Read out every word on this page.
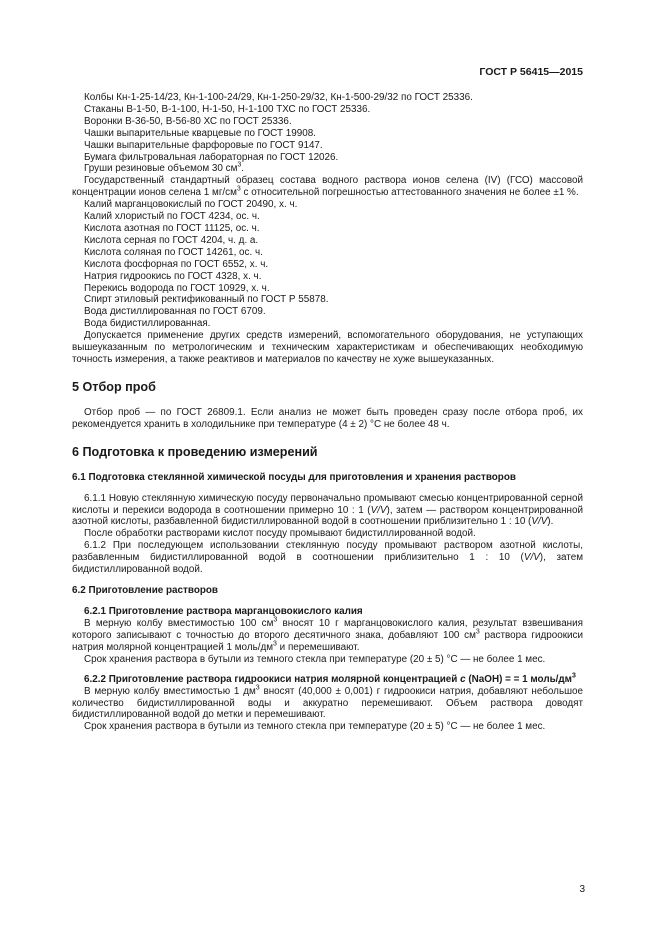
ГОСТ Р 56415—2015

Колбы Кн-1-25-14/23, Кн-1-100-24/29, Кн-1-250-29/32, Кн-1-500-29/32 по ГОСТ 25336.

Стаканы В-1-50, В-1-100, Н-1-50, Н-1-100 ТХС по ГОСТ 25336.

Воронки В-36-50, В-56-80 ХС по ГОСТ 25336.

Чашки выпарительные кварцевые по ГОСТ 19908.

Чашки выпарительные фарфоровые по ГОСТ 9147.

Бумага фильтровальная лабораторная по ГОСТ 12026.

Груши резиновые объемом 30 $см^3$.

Государственный стандартный образец состава водного раствора ионов селена (IV) (ГСО) массовой концентрации ионов селена 1 $мг/см^3$ с относительной погрешностью аттестованного значения не более ±1 %.

Калий марганцовокислый по ГОСТ 20490, х. ч.

Калий хлористый по ГОСТ 4234, ос. ч.

Кислота азотная по ГОСТ 11125, ос. ч.

Кислота серная по ГОСТ 4204, ч. д. а.

Кислота соляная по ГОСТ 14261, ос. ч.

Кислота фосфорная по ГОСТ 6552, х. ч.

Натрия гидроокись по ГОСТ 4328, х. ч.

Перекись водорода по ГОСТ 10929, х. ч.

Спирт этиловый ректификованный по ГОСТ Р 55878.

Вода дистиллированная по ГОСТ 6709.

Вода бидистиллированная.

Допускается применение других средств измерений, вспомогательного оборудования, не уступающих вышеуказанным по метрологическим и техническим характеристикам и обеспечивающих необходимую точность измерения, а также реактивов и материалов по качеству не хуже вышеуказанных.

5 Отбор проб

Отбор проб — по ГОСТ 26809.1. Если анализ не может быть проведен сразу после отбора проб, их рекомендуется хранить в холодильнике при температуре (4 ± 2) °С не более 48 ч.

6 Подготовка к проведению измерений
6.1 Подготовка стеклянной химической посуды для приготовления и хранения растворов

6.1.1 Новую стеклянную химическую посуду первоначально промывают смесью концентрированной серной кислоты и перекиси водорода в соотношении примерно 10 : 1 (V/V), затем — раствором концентрированной азотной кислоты, разбавленной бидистиллированной водой в соотношении приблизительно 1 : 10 (V/V).

После обработки растворами кислот посуду промывают бидистиллированной водой.

6.1.2 При последующем использовании стеклянную посуду промывают раствором азотной кислоты, разбавленным бидистиллированной водой в соотношении приблизительно 1 : 10 (V/V), затем бидистиллированной водой.

6.2 Приготовление растворов
6.2.1 Приготовление раствора марганцовокислого калия

В мерную колбу вместимостью 100 $см^3$ вносят 10 г марганцовокислого калия, результат взвешивания которого записывают с точностью до второго десятичного знака, добавляют 100 $см^3$ раствора гидроокиси натрия молярной концентрацией 1 моль/$дм^3$ и перемешивают.

Срок хранения раствора в бутыли из темного стекла при температуре (20 ± 5) °С — не более 1 мес.

6.2.2 Приготовление раствора гидроокиси натрия молярной концентрацией c (NaOH) = = 1 моль/$дм^3$

В мерную колбу вместимостью 1 $дм^3$ вносят (40,000 ± 0,001) г гидроокиси натрия, добавляют небольшое количество бидистиллированной воды и аккуратно перемешивают. Объем раствора доводят бидистиллированной водой до метки и перемешивают.

Срок хранения раствора в бутыли из темного стекла при температуре (20 ± 5) °С — не более 1 мес.

3
